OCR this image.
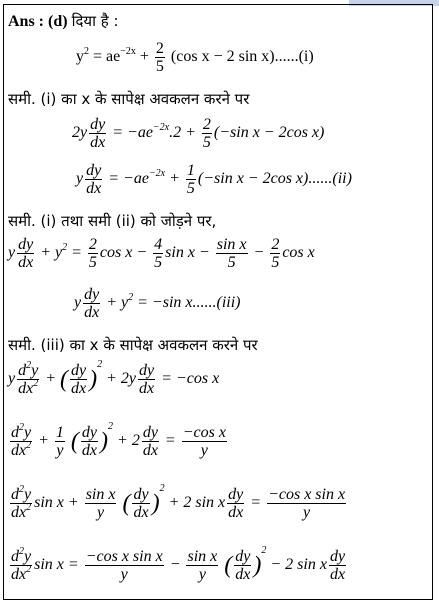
Ans : (d) दिया है :
$y^2 = ae^{-2x} + \frac{2}{5} (\cos$ x − 2 sin x)......(i)
समी. (i) का x के सापेक्ष अवकलन करने पर
$2y \frac{dy}{dx} = -ae^{-2x}.2 + \frac{2}{5} (-\sin$ x − 2cos x)
y $\frac{dy}{dx} = -ae^{-2x} + \frac{1}{5} (-\sin$ x − 2cos x)......(ii)
समी. (i) तथा समी (ii) को जोड़ने पर,
y $\frac{dy}{dx} + y^2 = \frac{2}{5}$ $\cos x - \frac{4}{5}$ $\sin x - \frac{\text{sin x}}{5} - \frac{2}{5}$ cos x
y $\frac{dy}{dx} + y^2 = -\sin$ x......(iii)
समी. (iii) का x के सापेक्ष अवकलन करने पर
y $\frac{d^2y}{dx^2}$ + ( $\frac{dy}{dx} )^2 + 2y \frac{dy}{dx} = -\cos$ x
$\frac{d^2y}{dx^2} + \frac{1}{y}$ ( $\frac{dy}{dx} )^2 + 2 \frac{dy}{dx} = \frac{\text{−cos x}}{y}$
$\frac{d^2y}{dx^2}$ $\sin x + \frac{\text{sin x}}{y}$ ( $\frac{dy}{dx} )^2 + 2$ sin x $\frac{dy}{dx} = \frac{\text{−cos x sin x}}{y}$
$\frac{d^2y}{dx^2}$ $\sin x = \frac{\text{−cos x sin x}}{y} - \frac{\text{sin x}}{y}$ ( $\frac{dy}{dx} )^2 - 2$ sin x $\frac{dy}{dx}$
